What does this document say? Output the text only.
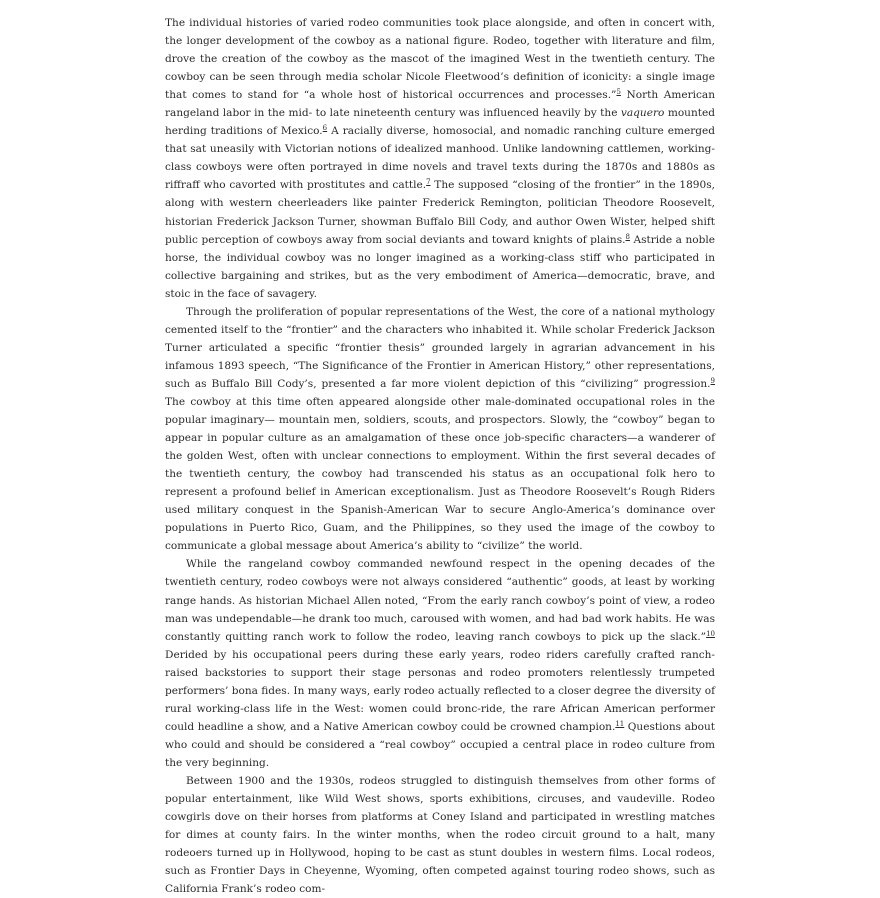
The individual histories of varied rodeo communities took place alongside, and often in concert with, the longer development of the cowboy as a national figure. Rodeo, together with literature and film, drove the creation of the cowboy as the mascot of the imagined West in the twentieth century. The cowboy can be seen through media scholar Nicole Fleetwood’s definition of iconicity: a single image that comes to stand for “a whole host of historical occurrences and processes.”$^5$ North American rangeland labor in the mid- to late nineteenth century was influenced heavily by the vaquero mounted herding traditions of Mexico.$^6$ A racially diverse, homosocial, and nomadic ranching culture emerged that sat uneasily with Victorian notions of idealized manhood. Unlike landowning cattlemen, working-class cowboys were often portrayed in dime novels and travel texts during the 1870s and 1880s as riffraff who cavorted with prostitutes and cattle.$^7$ The supposed “closing of the frontier” in the 1890s, along with western cheerleaders like painter Frederick Remington, politician Theodore Roosevelt, historian Frederick Jackson Turner, showman Buffalo Bill Cody, and author Owen Wister, helped shift public perception of cowboys away from social deviants and toward knights of plains.$^8$ Astride a noble horse, the individual cowboy was no longer imagined as a working-class stiff who participated in collective bargaining and strikes, but as the very embodiment of America—democratic, brave, and stoic in the face of savagery.

Through the proliferation of popular representations of the West, the core of a national mythology cemented itself to the “frontier” and the characters who inhabited it. While scholar Frederick Jackson Turner articulated a specific “frontier thesis” grounded largely in agrarian advancement in his infamous 1893 speech, “The Significance of the Frontier in American History,” other representations, such as Buffalo Bill Cody’s, presented a far more violent depiction of this “civilizing” progression.$^9$ The cowboy at this time often appeared alongside other male-dominated occupational roles in the popular imaginary— mountain men, soldiers, scouts, and prospectors. Slowly, the “cowboy” began to appear in popular culture as an amalgamation of these once job-specific characters—a wanderer of the golden West, often with unclear connections to employment. Within the first several decades of the twentieth century, the cowboy had transcended his status as an occupational folk hero to represent a profound belief in American exceptionalism. Just as Theodore Roosevelt’s Rough Riders used military conquest in the Spanish-American War to secure Anglo-America’s dominance over populations in Puerto Rico, Guam, and the Philippines, so they used the image of the cowboy to communicate a global message about America’s ability to “civilize” the world.

While the rangeland cowboy commanded newfound respect in the opening decades of the twentieth century, rodeo cowboys were not always considered “authentic” goods, at least by working range hands. As historian Michael Allen noted, “From the early ranch cowboy’s point of view, a rodeo man was undependable—he drank too much, caroused with women, and had bad work habits. He was constantly quitting ranch work to follow the rodeo, leaving ranch cowboys to pick up the slack.”$^{10}$ Derided by his occupational peers during these early years, rodeo riders carefully crafted ranch-raised backstories to support their stage personas and rodeo promoters relentlessly trumpeted performers’ bona fides. In many ways, early rodeo actually reflected to a closer degree the diversity of rural working-class life in the West: women could bronc-ride, the rare African American performer could headline a show, and a Native American cowboy could be crowned champion.$^{11}$ Questions about who could and should be considered a “real cowboy” occupied a central place in rodeo culture from the very beginning.

Between 1900 and the 1930s, rodeos struggled to distinguish themselves from other forms of popular entertainment, like Wild West shows, sports exhibitions, circuses, and vaudeville. Rodeo cowgirls dove on their horses from platforms at Coney Island and participated in wrestling matches for dimes at county fairs. In the winter months, when the rodeo circuit ground to a halt, many rodeoers turned up in Hollywood, hoping to be cast as stunt doubles in western films. Local rodeos, such as Frontier Days in Cheyenne, Wyoming, often competed against touring rodeo shows, such as California Frank’s rodeo com-
